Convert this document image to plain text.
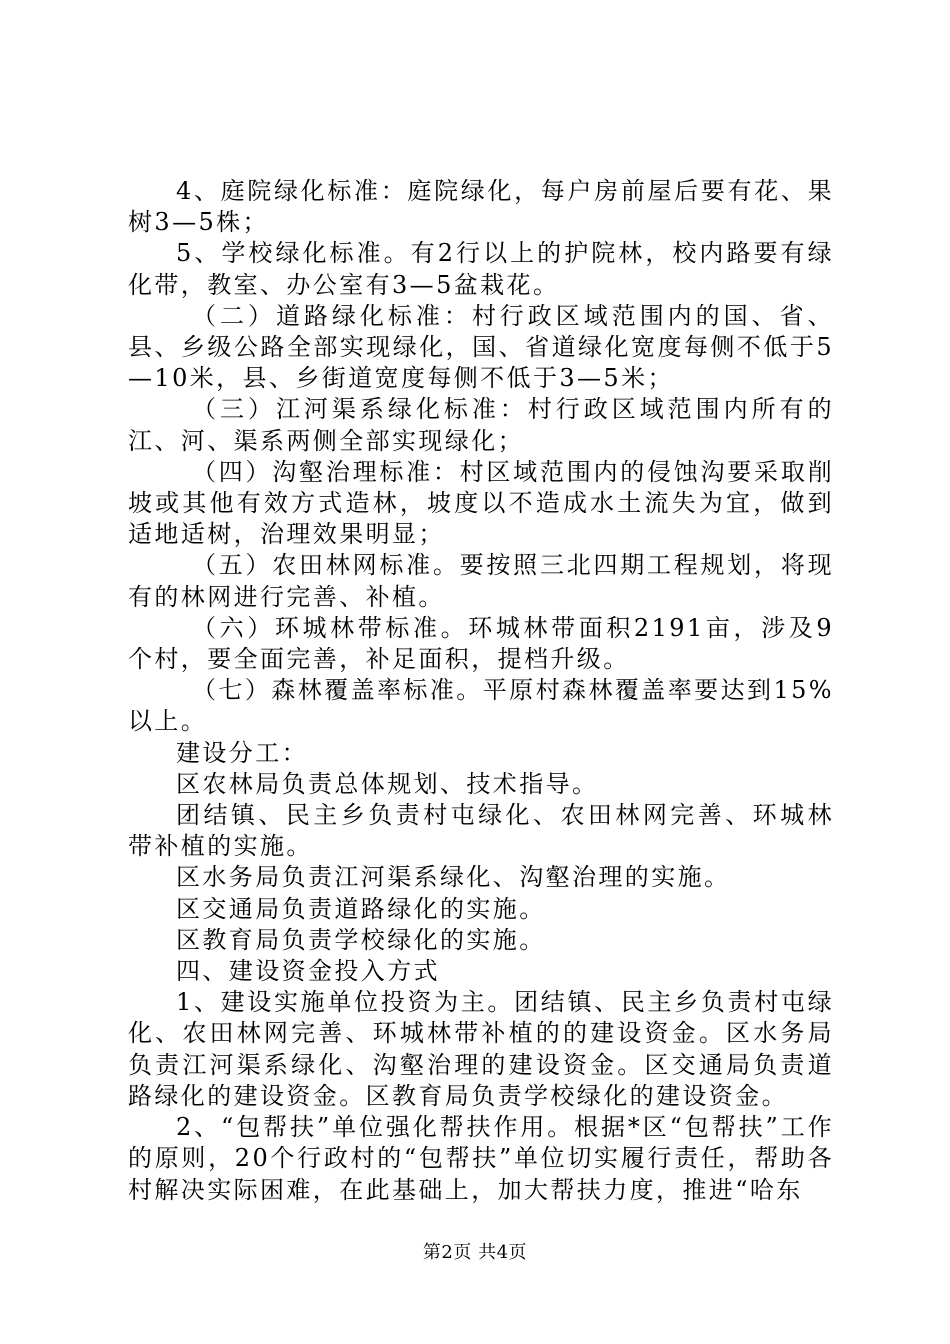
4、庭院绿化标准：庭院绿化，每户房前屋后要有花、果树3—5株；

5、学校绿化标准。有2行以上的护院林，校内路要有绿化带，教室、办公室有3—5盆栽花。

（二）道路绿化标准：村行政区域范围内的国、省、县、乡级公路全部实现绿化，国、省道绿化宽度每侧不低于5—10米，县、乡街道宽度每侧不低于3—5米；

（三）江河渠系绿化标准：村行政区域范围内所有的江、河、渠系两侧全部实现绿化；

（四）沟壑治理标准：村区域范围内的侵蚀沟要采取削坡或其他有效方式造林，坡度以不造成水土流失为宜，做到适地适树，治理效果明显；

（五）农田林网标准。要按照三北四期工程规划，将现有的林网进行完善、补植。

（六）环城林带标准。环城林带面积2191亩，涉及9个村，要全面完善，补足面积，提档升级。

（七）森林覆盖率标准。平原村森林覆盖率要达到15%以上。

建设分工：

区农林局负责总体规划、技术指导。

团结镇、民主乡负责村屯绿化、农田林网完善、环城林带补植的实施。

区水务局负责江河渠系绿化、沟壑治理的实施。

区交通局负责道路绿化的实施。

区教育局负责学校绿化的实施。

四、建设资金投入方式

1、建设实施单位投资为主。团结镇、民主乡负责村屯绿化、农田林网完善、环城林带补植的的建设资金。区水务局负责江河渠系绿化、沟壑治理的建设资金。区交通局负责道路绿化的建设资金。区教育局负责学校绿化的建设资金。

2、“包帮扶”单位强化帮扶作用。根据*区“包帮扶”工作的原则，20个行政村的“包帮扶”单位切实履行责任，帮助各村解决实际困难，在此基础上，加大帮扶力度，推进“哈东

第2页 共4页
